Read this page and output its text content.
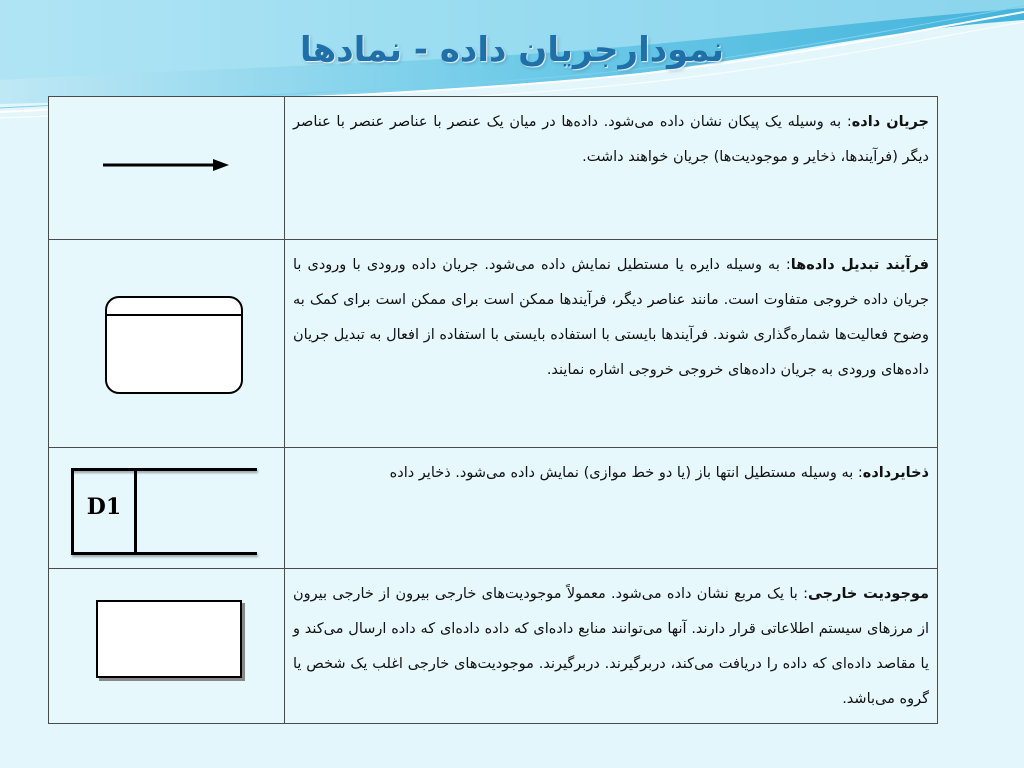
نمودارجریان داده - نمادها
	جریان داده: به وسیله یک پیکان نشان داده می‌شود. داده‌ها در میان یک عنصر با عناصر عنصر با عناصر دیگر (فرآیندها، ذخایر و موجودیت‌ها) جریان خواهند داشت.

	فرآیند تبدیل داده‌ها: به وسیله دایره یا مستطیل نمایش داده می‌شود. جریان داده ورودی با ورودی با جریان داده خروجی متفاوت است. مانند عناصر دیگر، فرآیندها ممکن است برای ممکن است برای کمک به وضوح فعالیت‌ها شماره‌گذاری شوند. فرآیندها بایستی با استفاده بایستی با استفاده از افعال به تبدیل جریان داده‌های ورودی به جریان داده‌های خروجی خروجی اشاره نمایند.

D1	ذخایرداده: به وسیله مستطیل انتها باز (یا دو خط موازی) نمایش داده می‌شود. ذخایر داده

	موجودیت خارجی: با یک مربع نشان داده می‌شود. معمولاً موجودیت‌های خارجی بیرون از خارجی بیرون از مرزهای سیستم اطلاعاتی قرار دارند. آنها می‌توانند منابع داده‌ای که داده داده‌ای که داده ارسال می‌کند و یا مقاصد داده‌ای که داده را دریافت می‌کند، دربرگیرند. دربرگیرند. موجودیت‌های خارجی اغلب یک شخص یا گروه می‌باشد.
